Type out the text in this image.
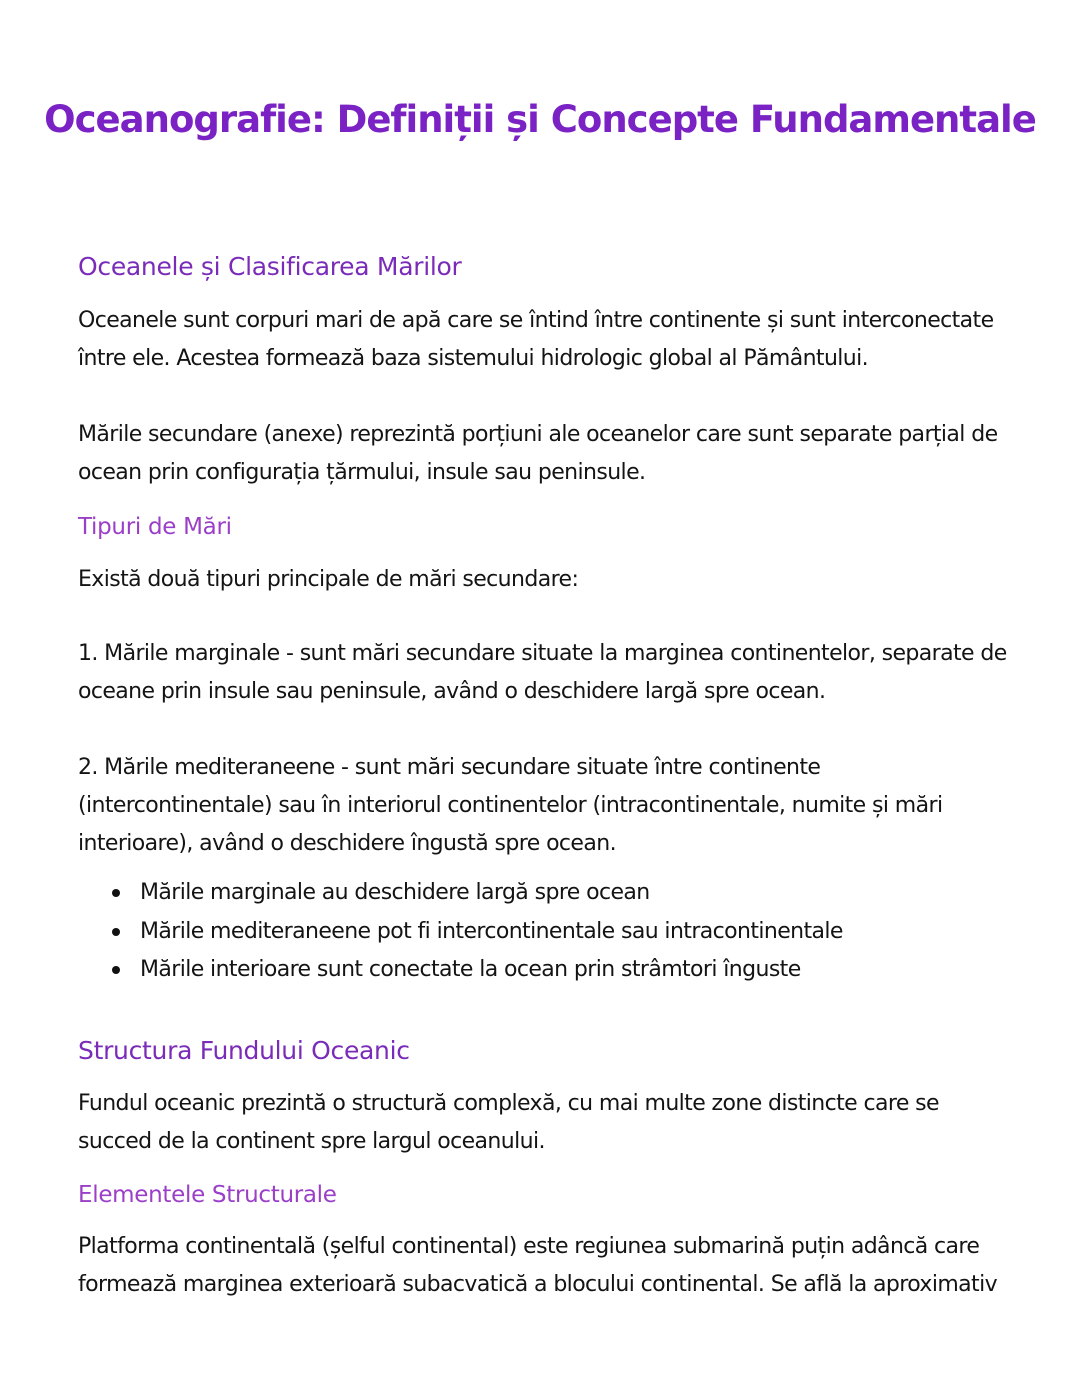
Oceanografie: Definiții și Concepte Fundamentale
Oceanele și Clasificarea Mărilor

Oceanele sunt corpuri mari de apă care se întind între continente și sunt interconectate între ele. Acestea formează baza sistemului hidrologic global al Pământului.

Mările secundare (anexe) reprezintă porțiuni ale oceanelor care sunt separate parțial de ocean prin configurația țărmului, insule sau peninsule.

Tipuri de Mări

Există două tipuri principale de mări secundare:

1. Mările marginale - sunt mări secundare situate la marginea continentelor, separate de oceane prin insule sau peninsule, având o deschidere largă spre ocean.

2. Mările mediteraneene - sunt mări secundare situate între continente (intercontinentale) sau în interiorul continentelor (intracontinentale, numite și mări interioare), având o deschidere îngustă spre ocean.

Mările marginale au deschidere largă spre ocean
Mările mediteraneene pot fi intercontinentale sau intracontinentale
Mările interioare sunt conectate la ocean prin strâmtori înguste
Structura Fundului Oceanic

Fundul oceanic prezintă o structură complexă, cu mai multe zone distincte care se succed de la continent spre largul oceanului.

Elementele Structurale

Platforma continentală (șelful continental) este regiunea submarină puțin adâncă care formează marginea exterioară subacvatică a blocului continental. Se află la aproximativ
